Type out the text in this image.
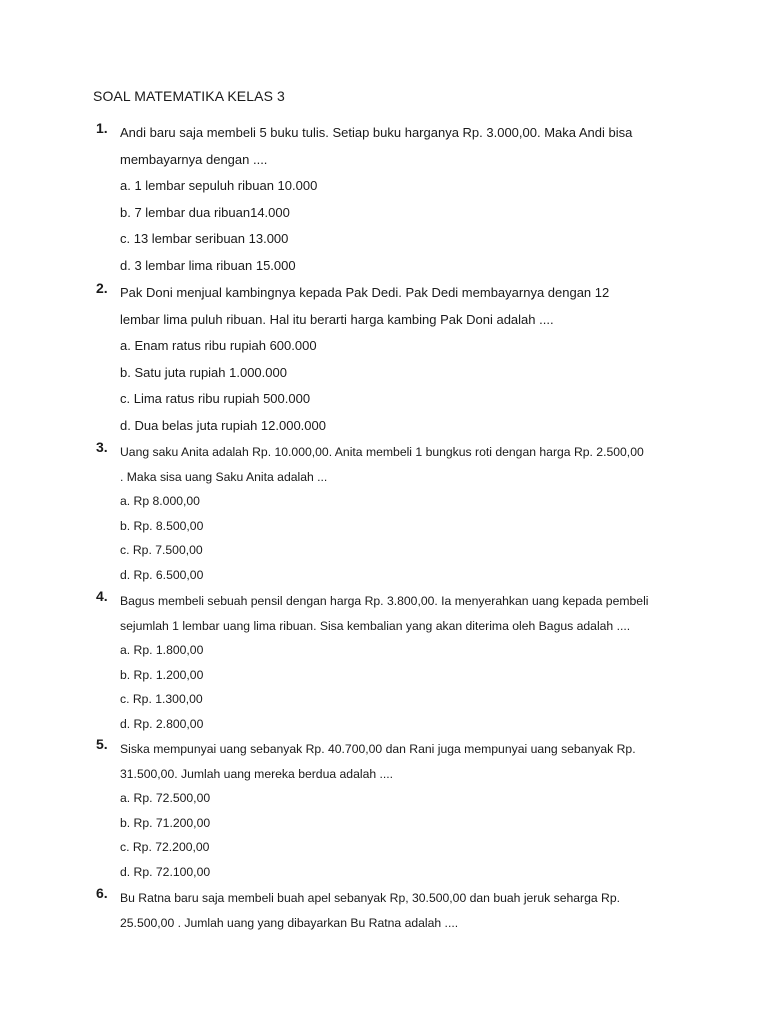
SOAL MATEMATIKA KELAS 3
1. Andi baru saja membeli 5 buku tulis. Setiap buku harganya Rp. 3.000,00. Maka Andi bisa
membayarnya dengan ....
a. 1 lembar sepuluh ribuan 10.000
b. 7 lembar dua ribuan14.000
c. 13 lembar seribuan 13.000
d. 3 lembar lima ribuan 15.000
2. Pak Doni menjual kambingnya kepada Pak Dedi. Pak Dedi membayarnya dengan 12
lembar lima puluh ribuan. Hal itu berarti harga kambing Pak Doni adalah ....
a. Enam ratus ribu rupiah 600.000
b. Satu juta rupiah 1.000.000
c. Lima ratus ribu rupiah 500.000
d. Dua belas juta rupiah 12.000.000
3. Uang saku Anita adalah Rp. 10.000,00. Anita membeli 1 bungkus roti dengan harga Rp. 2.500,00
. Maka sisa uang Saku Anita adalah ...
a. Rp 8.000,00
b. Rp. 8.500,00
c. Rp. 7.500,00
d. Rp. 6.500,00
4. Bagus membeli sebuah pensil dengan harga Rp. 3.800,00. Ia menyerahkan uang kepada pembeli
sejumlah 1 lembar uang lima ribuan. Sisa kembalian yang akan diterima oleh Bagus adalah ....
a. Rp. 1.800,00
b. Rp. 1.200,00
c. Rp. 1.300,00
d. Rp. 2.800,00
5. Siska mempunyai uang sebanyak Rp. 40.700,00 dan Rani juga mempunyai uang sebanyak Rp.
31.500,00. Jumlah uang mereka berdua adalah ....
a. Rp. 72.500,00
b. Rp. 71.200,00
c. Rp. 72.200,00
d. Rp. 72.100,00
6. Bu Ratna baru saja membeli buah apel sebanyak Rp, 30.500,00 dan buah jeruk seharga Rp.
25.500,00 . Jumlah uang yang dibayarkan Bu Ratna adalah ....
